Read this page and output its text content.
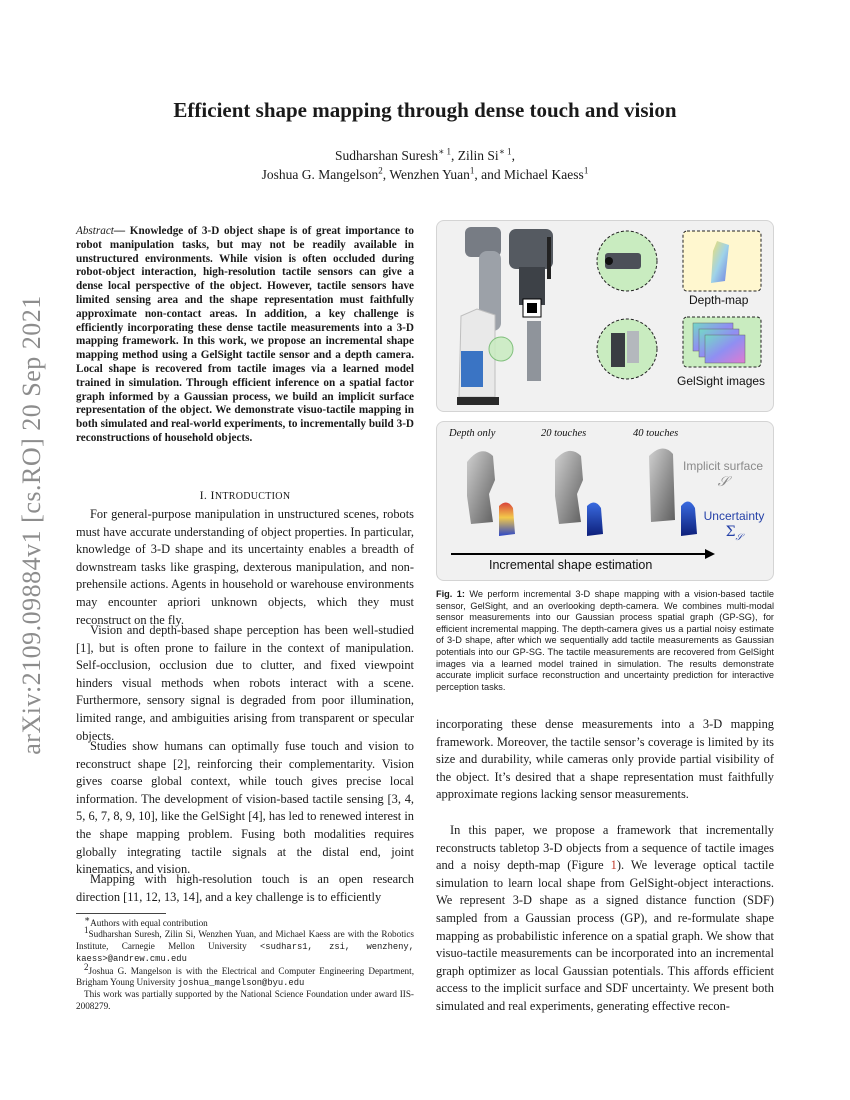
arXiv:2109.09884v1 [cs.RO] 20 Sep 2021
Efficient shape mapping through dense touch and vision
Sudharshan Suresh$^{∗ 1}$, Zilin $Si^{∗ 1}$,
Joshua G. Mangelson$^2$, Wenzhen Yuan$^1$, and Michael Kaess$^1$
Abstract— Knowledge of 3-D object shape is of great importance to robot manipulation tasks, but may not be readily available in unstructured environments. While vision is often occluded during robot-object interaction, high-resolution tactile sensors can give a dense local perspective of the object. However, tactile sensors have limited sensing area and the shape representation must faithfully approximate non-contact areas. In addition, a key challenge is efficiently incorporating these dense tactile measurements into a 3-D mapping framework. In this work, we propose an incremental shape mapping method using a GelSight tactile sensor and a depth camera. Local shape is recovered from tactile images via a learned model trained in simulation. Through efficient inference on a spatial factor graph informed by a Gaussian process, we build an implicit surface representation of the object. We demonstrate visuo-tactile mapping in both simulated and real-world experiments, to incrementally build 3-D reconstructions of household objects.
I. INTRODUCTION
For general-purpose manipulation in unstructured scenes, robots must have accurate understanding of object properties. In particular, knowledge of 3-D shape and its uncertainty enables a breadth of downstream tasks like grasping, dexterous manipulation, and non-prehensile actions. Agents in household or warehouse environments may encounter apriori unknown objects, which they must reconstruct on the fly.
Vision and depth-based shape perception has been well-studied [1], but is often prone to failure in the context of manipulation. Self-occlusion, occlusion due to clutter, and fixed viewpoint hinders visual methods when robots interact with a scene. Furthermore, sensory signal is degraded from poor illumination, limited range, and ambiguities arising from transparent or specular objects.
Studies show humans can optimally fuse touch and vision to reconstruct shape [2], reinforcing their complementarity. Vision gives coarse global context, while touch gives precise local information. The development of vision-based tactile sensing [3, 4, 5, 6, 7, 8, 9, 10], like the GelSight [4], has led to renewed interest in the shape mapping problem. Fusing both modalities requires globally integrating tactile signals at the distal end, joint kinematics, and vision.
Mapping with high-resolution touch is an open research direction [11, 12, 13, 14], and a key challenge is to efficiently
∗Authors with equal contribution
$^1$Sudharshan Suresh, Zilin Si, Wenzhen Yuan, and Michael Kaess are with the Robotics Institute, Carnegie Mellon University <sudhars1, zsi, wenzheny, kaess>@andrew.cmu.edu
$^2$Joshua G. Mangelson is with the Electrical and Computer Engineering Department, Brigham Young University joshua_mangelson@byu.edu
This work was partially supported by the National Science Foundation under award IIS-2008279.
Depth-map
GelSight images
Depth only	20 touches	40 touches
Implicit surface
𝒮
Uncertainty
$\Sigma_𝒮$
Incremental shape estimation
Fig. 1: We perform incremental 3-D shape mapping with a vision-based tactile sensor, GelSight, and an overlooking depth-camera. We combines multi-modal sensor measurements into our Gaussian process spatial graph (GP-SG), for efficient incremental mapping. The depth-camera gives us a partial noisy estimate of 3-D shape, after which we sequentially add tactile measurements as Gaussian potentials into our GP-SG. The tactile measurements are recovered from GelSight images via a learned model trained in simulation. The results demonstrate accurate implicit surface reconstruction and uncertainty prediction for interactive perception tasks.
incorporating these dense measurements into a 3-D mapping framework. Moreover, the tactile sensor’s coverage is limited by its size and durability, while cameras only provide partial visibility of the object. It’s desired that a shape representation must faithfully approximate regions lacking sensor measurements.
In this paper, we propose a framework that incrementally reconstructs tabletop 3-D objects from a sequence of tactile images and a noisy depth-map (Figure 1). We leverage optical tactile simulation to learn local shape from GelSight-object interactions. We represent 3-D shape as a signed distance function (SDF) sampled from a Gaussian process (GP), and re-formulate shape mapping as probabilistic inference on a spatial graph. We show that visuo-tactile measurements can be incorporated into an incremental graph optimizer as local Gaussian potentials. This affords efficient access to the implicit surface and SDF uncertainty. We present both simulated and real experiments, generating effective recon-
